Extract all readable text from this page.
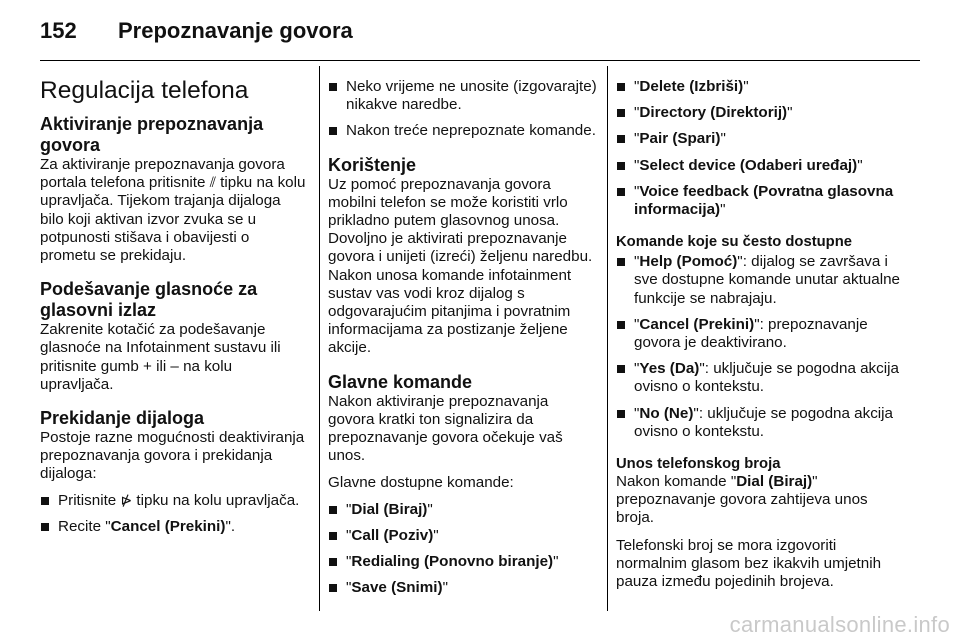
152 Prepoznavanje govora
Regulacija telefona
Aktiviranje prepoznavanja govora

Za aktiviranje prepoznavanja govora portala telefona pritisnite ⫽ tipku na kolu upravljača. Tijekom trajanja dijaloga bilo koji aktivan izvor zvuka se u potpunosti stišava i obavijesti o prometu se prekidaju.

Podešavanje glasnoće za glasovni izlaz

Zakrenite kotačić za podešavanje glasnoće na Infotainment sustavu ili pritisnite gumb + ili – na kolu upravljača.

Prekidanje dijaloga

Postoje razne mogućnosti deaktiviranja prepoznavanja govora i prekidanja dijaloga:

Pritisnite ⋫ tipku na kolu upravljača.
Recite "Cancel (Prekini)".
Neko vrijeme ne unosite (izgovarajte) nikakve naredbe.
Nakon treće neprepoznate komande.
Korištenje

Uz pomoć prepoznavanja govora mobilni telefon se može koristiti vrlo prikladno putem glasovnog unosa. Dovoljno je aktivirati prepoznavanje govora i unijeti (izreći) željenu naredbu. Nakon unosa komande infotainment sustav vas vodi kroz dijalog s odgovarajućim pitanjima i povratnim informacijama za postizanje željene akcije.

Glavne komande

Nakon aktiviranje prepoznavanja govora kratki ton signalizira da prepoznavanje govora očekuje vaš unos.

Glavne dostupne komande:

"Dial (Biraj)"
"Call (Poziv)"
"Redialing (Ponovno biranje)"
"Save (Snimi)"
"Delete (Izbriši)"
"Directory (Direktorij)"
"Pair (Spari)"
"Select device (Odaberi uređaj)"
"Voice feedback (Povratna glasovna informacija)"
Komande koje su često dostupne
"Help (Pomoć)": dijalog se završava i sve dostupne komande unutar aktualne funkcije se nabrajaju.
"Cancel (Prekini)": prepoznavanje govora je deaktivirano.
"Yes (Da)": uključuje se pogodna akcija ovisno o kontekstu.
"No (Ne)": uključuje se pogodna akcija ovisno o kontekstu.
Unos telefonskog broja

Nakon komande "Dial (Biraj)" prepoznavanje govora zahtijeva unos broja.

Telefonski broj se mora izgovoriti normalnim glasom bez ikakvih umjetnih pauza između pojedinih brojeva.

carmanualsonline.info
